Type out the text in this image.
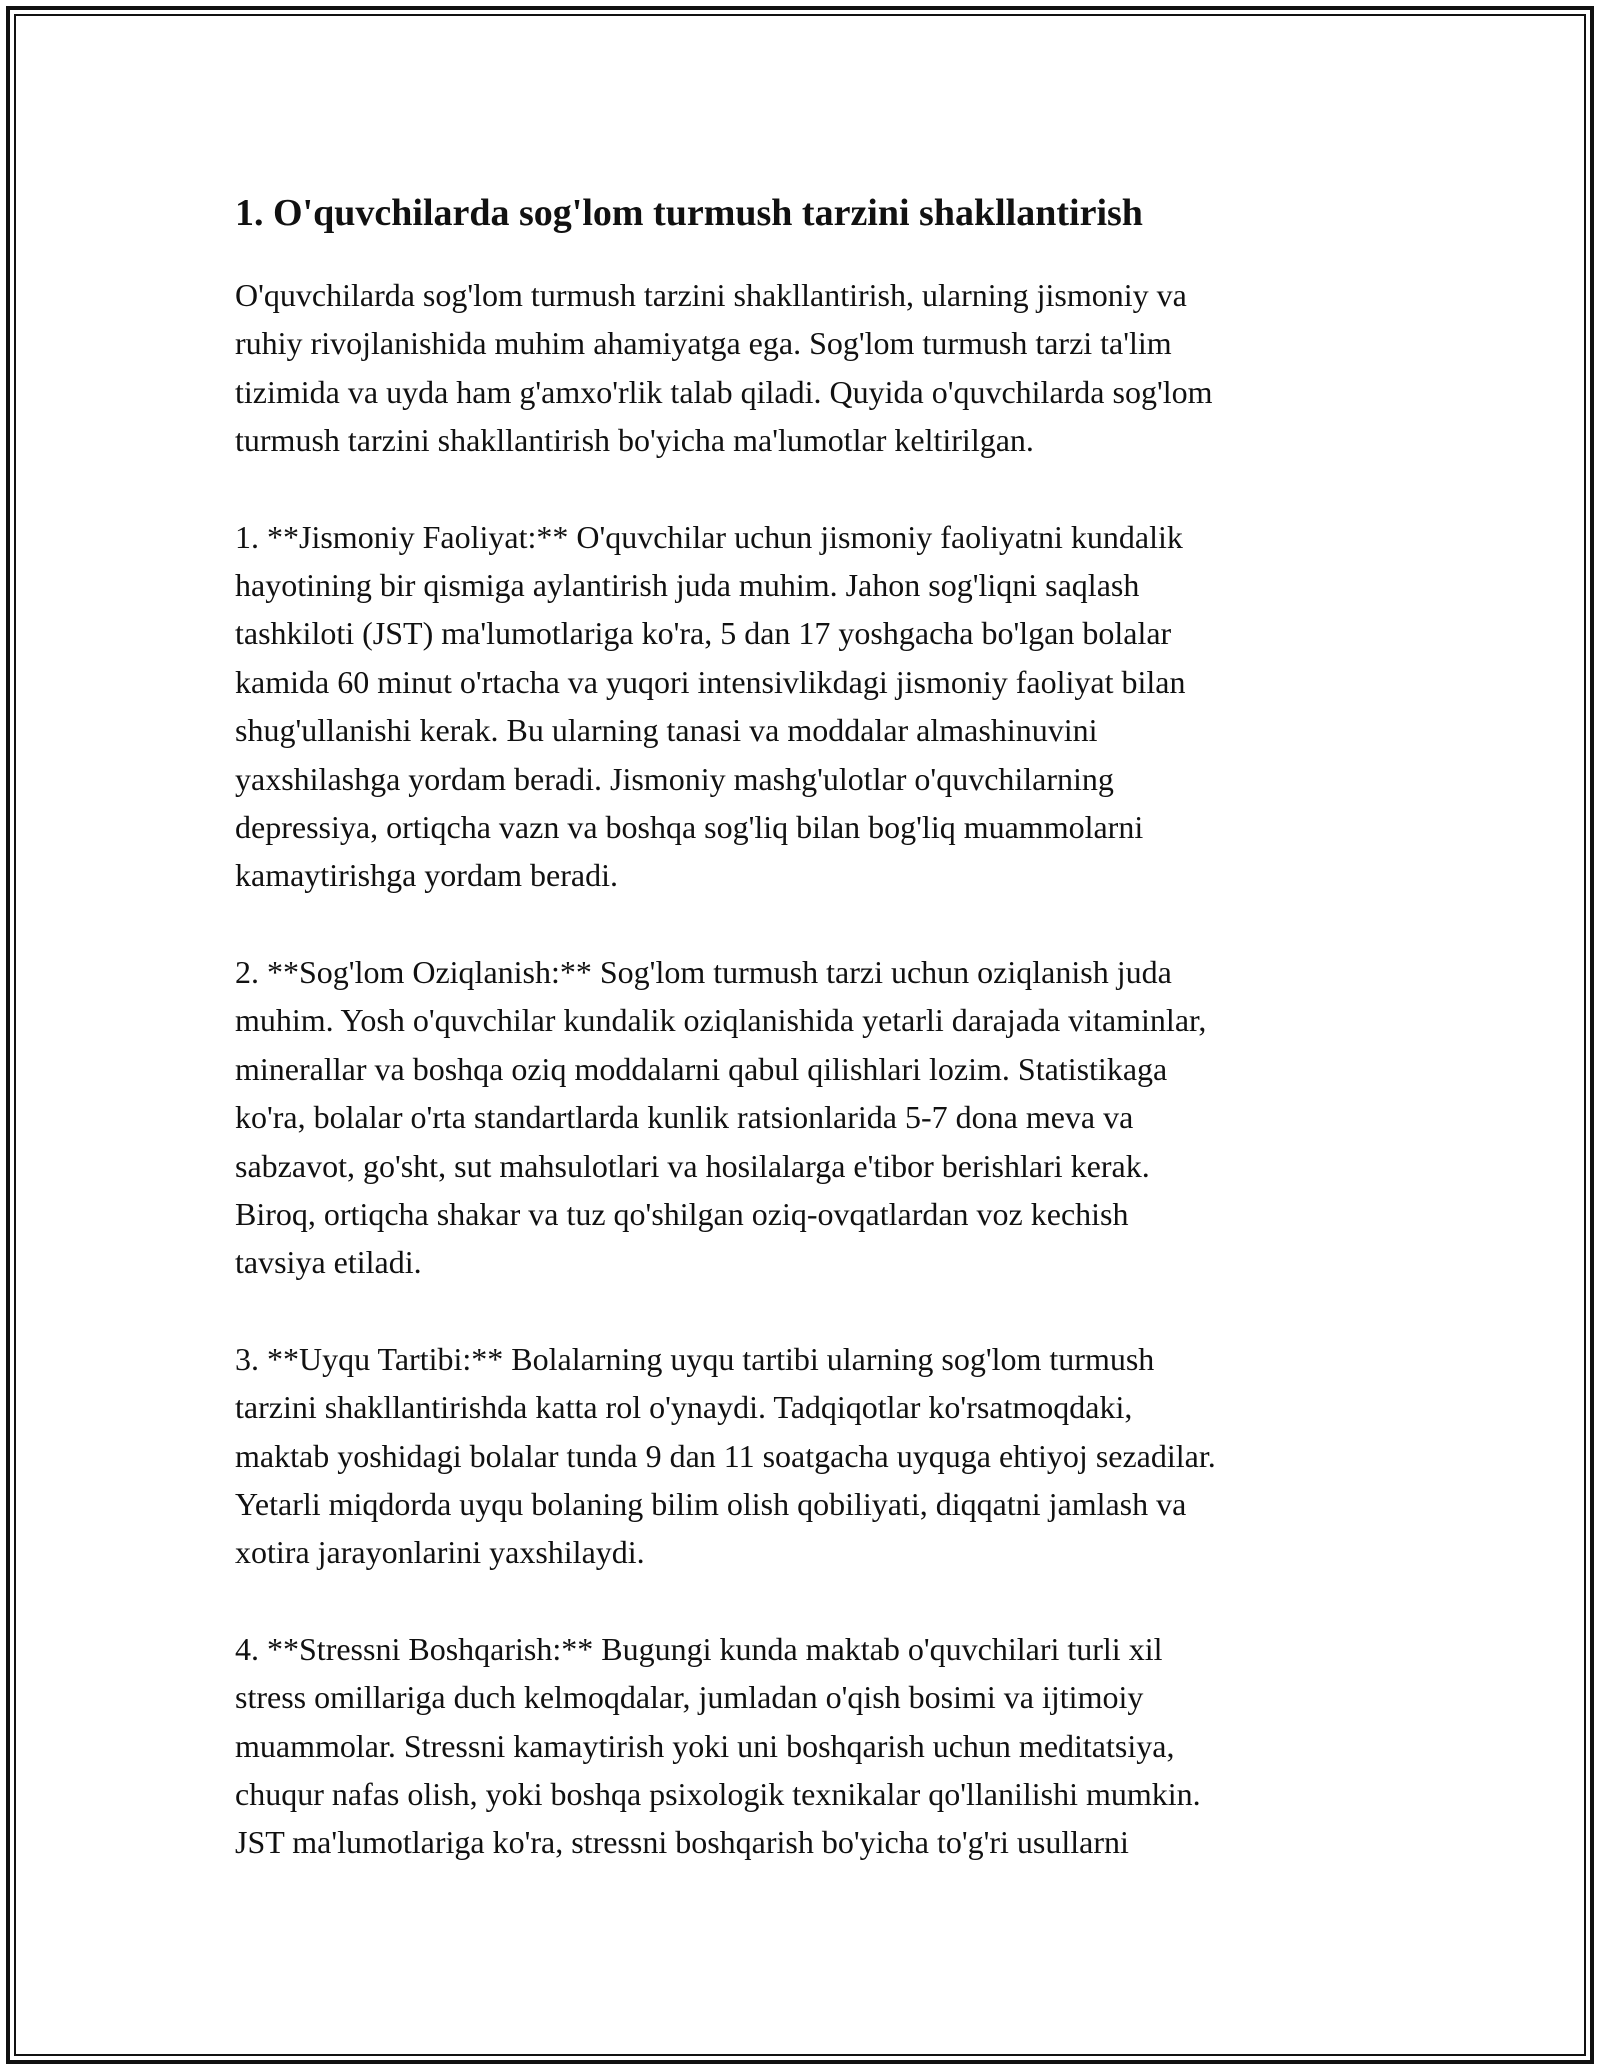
1. O'quvchilarda sog'lom turmush tarzini shakllantirish
O'quvchilarda sog'lom turmush tarzini shakllantirish, ularning jismoniy va
ruhiy rivojlanishida muhim ahamiyatga ega. Sog'lom turmush tarzi ta'lim
tizimida va uyda ham g'amxo'rlik talab qiladi. Quyida o'quvchilarda sog'lom
turmush tarzini shakllantirish bo'yicha ma'lumotlar keltirilgan.
1. **Jismoniy Faoliyat:** O'quvchilar uchun jismoniy faoliyatni kundalik
hayotining bir qismiga aylantirish juda muhim. Jahon sog'liqni saqlash
tashkiloti (JST) ma'lumotlariga ko'ra, 5 dan 17 yoshgacha bo'lgan bolalar
kamida 60 minut o'rtacha va yuqori intensivlikdagi jismoniy faoliyat bilan
shug'ullanishi kerak. Bu ularning tanasi va moddalar almashinuvini
yaxshilashga yordam beradi. Jismoniy mashg'ulotlar o'quvchilarning
depressiya, ortiqcha vazn va boshqa sog'liq bilan bog'liq muammolarni
kamaytirishga yordam beradi.
2. **Sog'lom Oziqlanish:** Sog'lom turmush tarzi uchun oziqlanish juda
muhim. Yosh o'quvchilar kundalik oziqlanishida yetarli darajada vitaminlar,
minerallar va boshqa oziq moddalarni qabul qilishlari lozim. Statistikaga
ko'ra, bolalar o'rta standartlarda kunlik ratsionlarida 5-7 dona meva va
sabzavot, go'sht, sut mahsulotlari va hosilalarga e'tibor berishlari kerak.
Biroq, ortiqcha shakar va tuz qo'shilgan oziq-ovqatlardan voz kechish
tavsiya etiladi.
3. **Uyqu Tartibi:** Bolalarning uyqu tartibi ularning sog'lom turmush
tarzini shakllantirishda katta rol o'ynaydi. Tadqiqotlar ko'rsatmoqdaki,
maktab yoshidagi bolalar tunda 9 dan 11 soatgacha uyquga ehtiyoj sezadilar.
Yetarli miqdorda uyqu bolaning bilim olish qobiliyati, diqqatni jamlash va
xotira jarayonlarini yaxshilaydi.
4. **Stressni Boshqarish:** Bugungi kunda maktab o'quvchilari turli xil
stress omillariga duch kelmoqdalar, jumladan o'qish bosimi va ijtimoiy
muammolar. Stressni kamaytirish yoki uni boshqarish uchun meditatsiya,
chuqur nafas olish, yoki boshqa psixologik texnikalar qo'llanilishi mumkin.
JST ma'lumotlariga ko'ra, stressni boshqarish bo'yicha to'g'ri usullarni
